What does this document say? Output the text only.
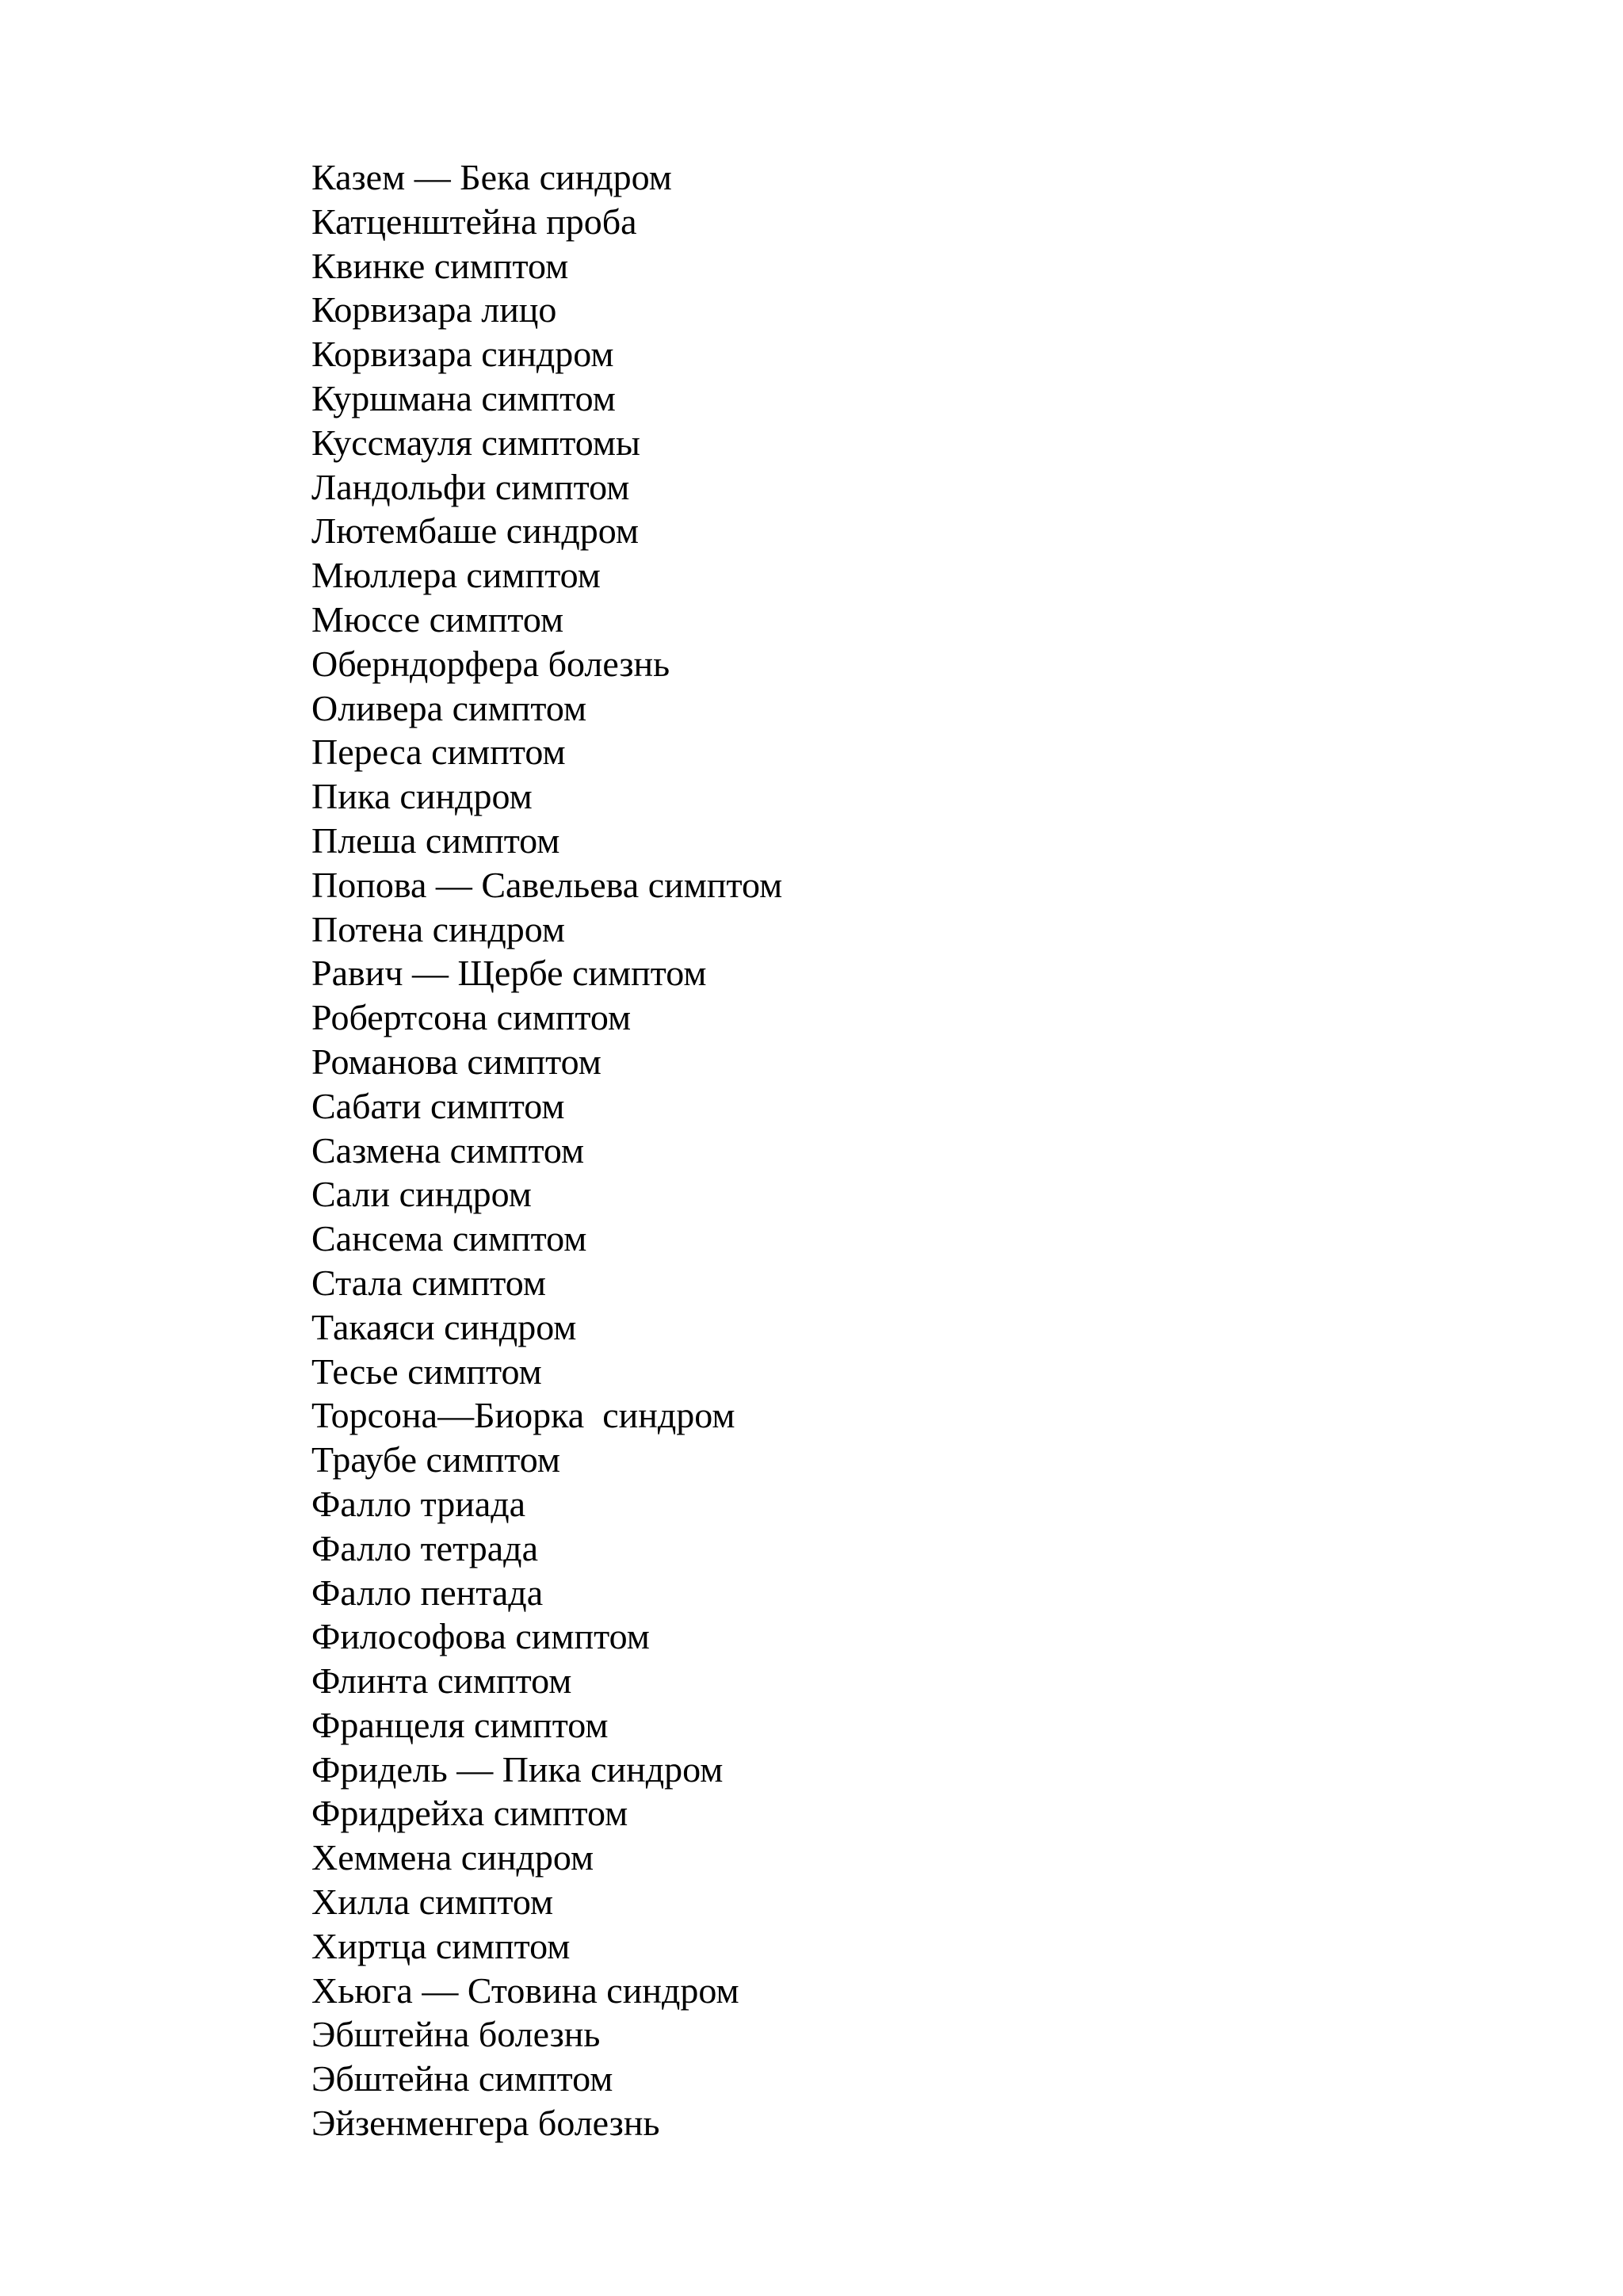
Казем — Бека синдром
Катценштейна проба
Квинке симптом
Корвизара лицо
Корвизара синдром
Куршмана симптом
Куссмауля симптомы
Ландольфи симптом
Лютембаше синдром
Мюллера симптом
Мюссе симптом
Оберндорфера болезнь
Оливера симптом
Переса симптом
Пика синдром
Плеша симптом
Попова — Савельева симптом
Потена синдром
Равич — Щербе симптом
Робертсона симптом
Романова симптом
Сабати симптом
Сазмена симптом
Сали синдром
Сансема симптом
Стала симптом
Такаяси синдром
Тесье симптом
Торсона—Биорка  синдром
Траубе симптом
Фалло триада
Фалло тетрада
Фалло пентада
Философова симптом
Флинта симптом
Францеля симптом
Фридель — Пика синдром
Фридрейха симптом
Хеммена синдром
Хилла симптом
Хиртца симптом
Хьюга — Стовина синдром
Эбштейна болезнь
Эбштейна симптом
Эйзенменгера болезнь
